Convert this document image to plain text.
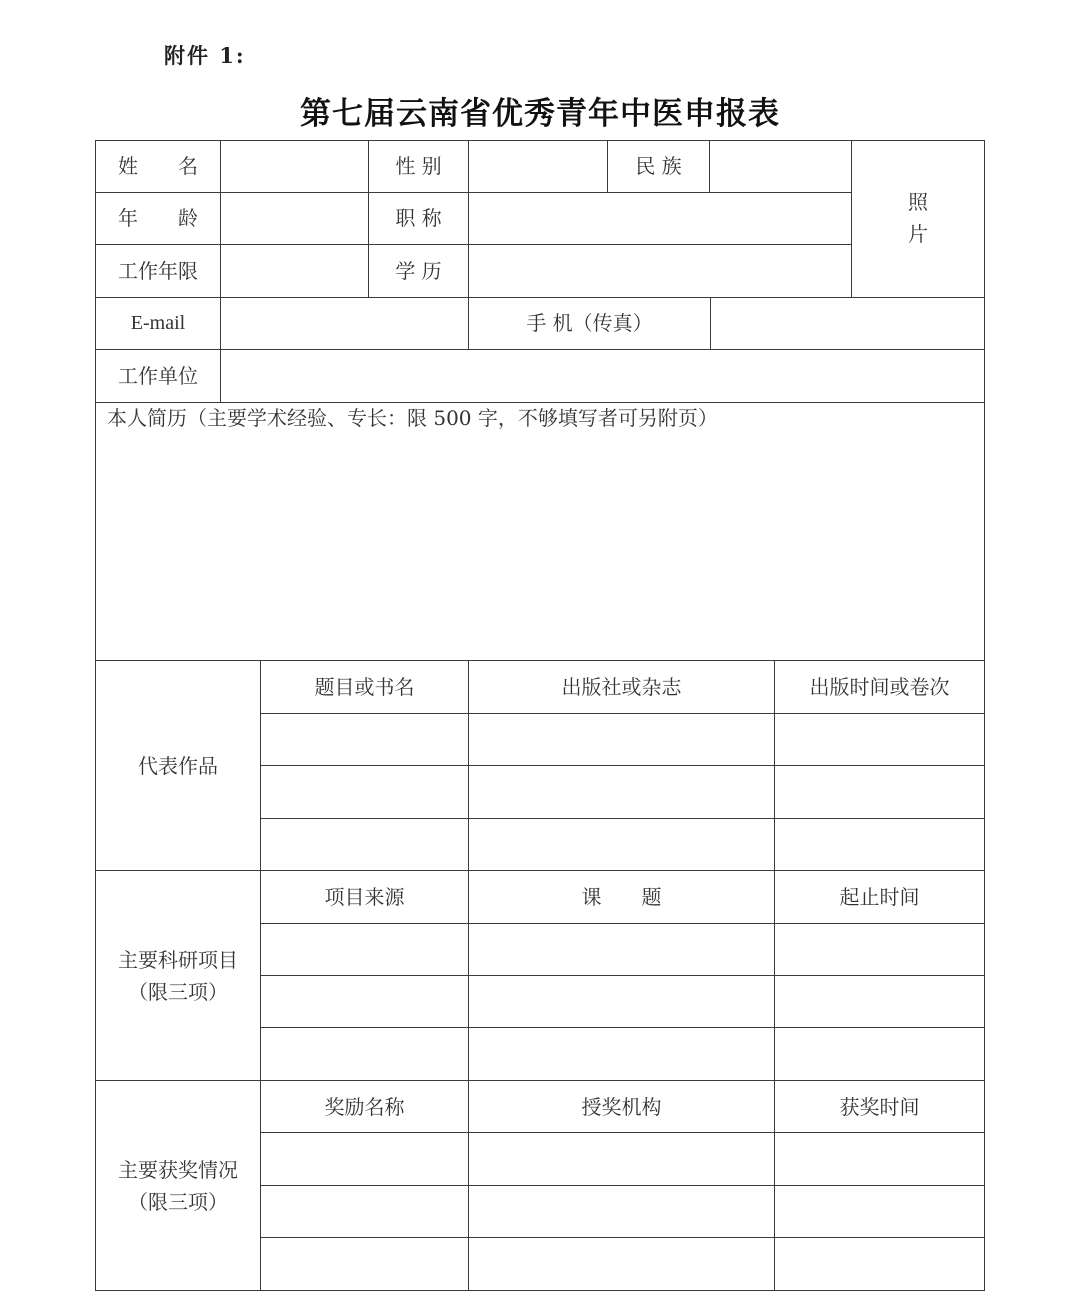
附件 1:
第七届云南省优秀青年中医申报表
姓　　名	性 别	民 族
照
片
年　　龄	职 称
工作年限	学 历
E-mail	手 机（传真）
工作单位
本人简历（主要学术经验、专长：限 500 字，不够填写者可另附页）
代表作品
题目或书名	出版社或杂志	出版时间或卷次
主要科研项目
（限三项）
项目来源	课　　题	起止时间
主要获奖情况
（限三项）
奖励名称	授奖机构	获奖时间
